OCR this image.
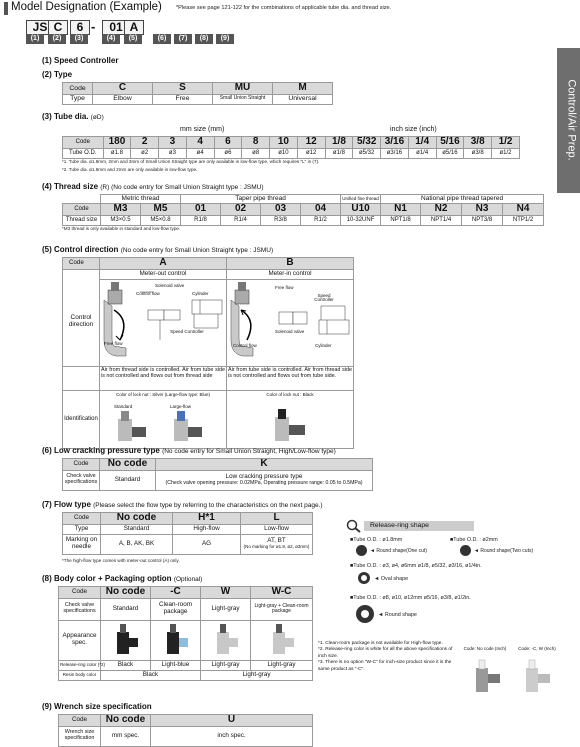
Model Designation (Example)	*Please see page 121-122 for the combinations of applicable tube dia. and thread size.
Control/Air Prep.
JS
(1)
C
(2)
6
(3)
01
(4)
A
(5)	(6)	(7)	(8)	(9)
-
(1) Speed Controller
(2) Type
Code	C	S	MU	M
Type	Elbow	Free	Small Union Straight	Universal
(3) Tube dia. (øD)
mm size (mm)	inch size (inch)
Code	180	2	3	4	6	8	10	12	1/8	5/32	3/16	1/4	5/16	3/8	1/2
Tube O.D.	ø1.8	ø2	ø3	ø4	ø6	ø8	ø10	ø12	ø1/8	ø5/32	ø3/16	ø1/4	ø5/16	ø3/8	ø1/2
*1. Tube dia. ø1.8mm, 2mm and 3mm of Small Union Straight type are only available in low-flow type, which requires "L" in (7).
*2. Tube dia. ø1.8mm and 2mm are only available in low-flow type.
(4) Thread size (R) (No code entry for Small Union Straight type : JSMU)
	Metric thread		Taper pipe thread				Unified fine thread	National pipe thread tapered			
Code	M3	M5	01	02	03	04	U10	N1	N2	N3	N4
Thread size	M3×0.5	M5×0.8	R1/8	R1/4	R3/8	R1/2	10-32UNF	NPT1/8	NPT1/4	NPT3/8	NTP1/2
*M3 thread is only available in standard and low-flow type.
(5) Control direction (No code entry for Small Union Straight type : JSMU)
Code	A	B
	Meter-out control	Meter-in control
Control direction	Solenoid valve
Control flow Cylinder
Speed Controller
Free flow	Free flow
Speed Controller
Solenoid valve
Control flow Cylinder

	Air from thread side is controlled. Air from tube side is not controlled and flows out from thread side	Air from tube side is controlled. Air from thread side is not controlled and flows out from tube side.
Identification	Color of lock nut : Silver (Large-flow type: Blue)
Standard Large-flow	Color of lock nut : Black
(6) Low cracking pressure type (No code entry for Small Union Straight, High/Low-flow type)
Code	No code	K
Check valve specifications	Standard	Low cracking pressure type
(Check valve opening pressure: 0.02MPa, Operating pressure range: 0.05 to 0.5MPa)
(7) Flow type (Please select the flow type by referring to the characteristics on the next page.)
Code	No code	H*1	L
Type	Standard	High-flow	Low-flow
Marking on needle	A, B, AK, BK	AG	AT, BT
(No marking for ø1.8, ø2, ø3mm)
*The high-flow type comes with meter-out control (A) only.
Release-ring shape
■Tube O.D. : ø1.8mm	■Tube O.D. : ø2mm
◄ Round shape(One cut)	◄ Round shape(Two cuts)
■Tube O.D. : ø3, ø4, ø6mm ø1/8, ø5/32, ø3/16, ø1/4in.
◄ Oval shape
■Tube O.D. : ø8, ø10, ø12mm ø5/16, ø3/8, ø1/2in.
◄ Round shape
(8) Body color + Packaging option (Optional)
Code	No code	-C	W	W-C
Check valve specifications	Standard	Clean-room package	Light-gray	Light-gray + Clean-room package
Appearance spec.				
Release-ring color (*2)	Black	Light-blue	Light-gray	Light-gray
Resin body color	Black		Light-gray	
*1. Clean-room package is not available for High-flow type.
*2. Release-ring color is white for all the above specifications of inch size.
*3. There is no option "W-C" for inch-size product since it is the same product as "-C".
Code: No code (Inch)	Code: -C, W (Inch)
(9) Wrench size specification
Code	No code	U
Wrench size specification	mm spec.	inch spec.
